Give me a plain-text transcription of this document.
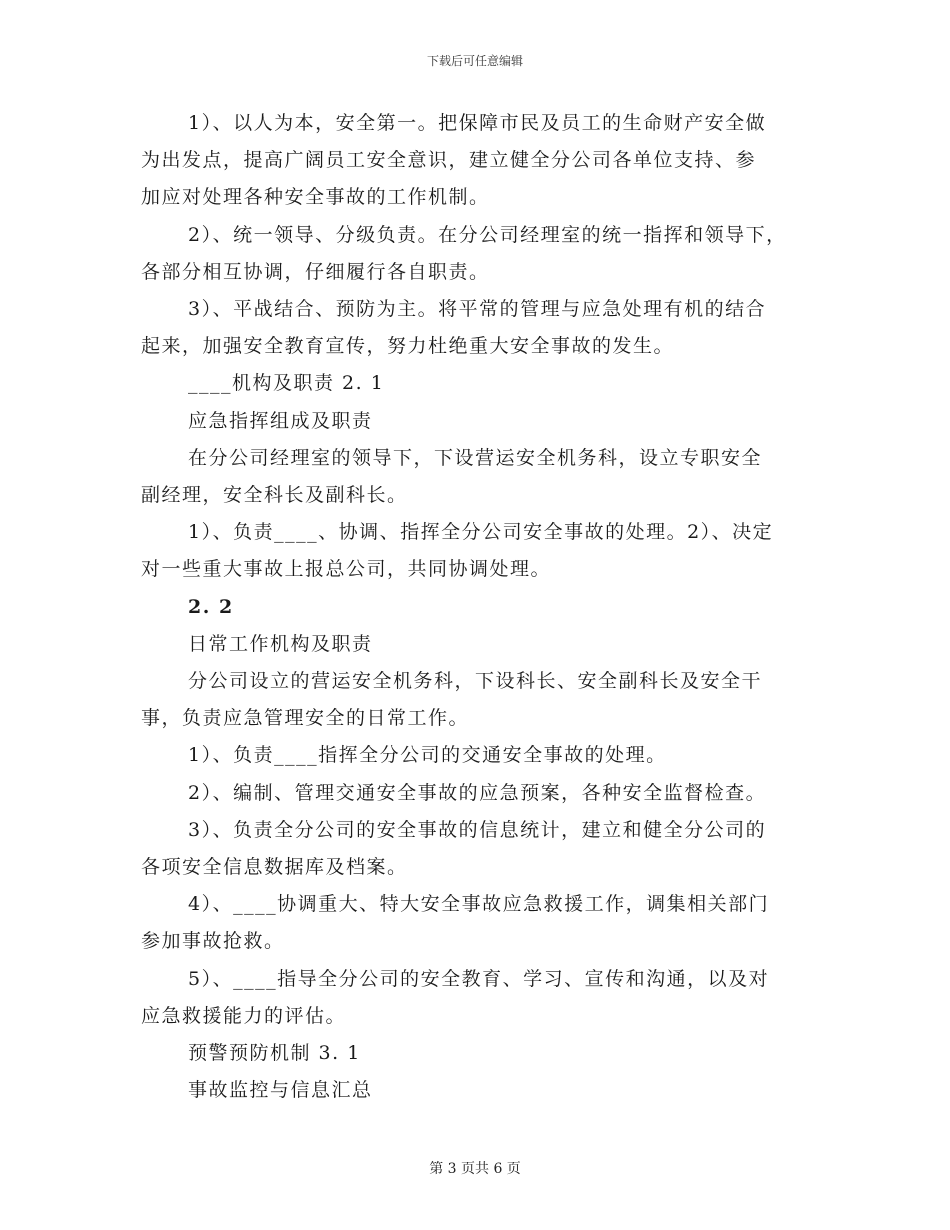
下载后可任意编辑
1）、以人为本，安全第一。把保障市民及员工的生命财产安全做
为出发点，提高广阔员工安全意识，建立健全分公司各单位支持、参
加应对处理各种安全事故的工作机制。
2）、统一领导、分级负责。在分公司经理室的统一指挥和领导下，
各部分相互协调，仔细履行各自职责。
3）、平战结合、预防为主。将平常的管理与应急处理有机的结合
起来，加强安全教育宣传，努力杜绝重大安全事故的发生。
____机构及职责 2. 1
应急指挥组成及职责
在分公司经理室的领导下，下设营运安全机务科，设立专职安全
副经理，安全科长及副科长。
1）、负责____、协调、指挥全分公司安全事故的处理。2）、决定
对一些重大事故上报总公司，共同协调处理。
2. 2
日常工作机构及职责
分公司设立的营运安全机务科，下设科长、安全副科长及安全干
事，负责应急管理安全的日常工作。
1）、负责____指挥全分公司的交通安全事故的处理。
2）、编制、管理交通安全事故的应急预案，各种安全监督检查。
3）、负责全分公司的安全事故的信息统计，建立和健全分公司的
各项安全信息数据库及档案。
4）、____协调重大、特大安全事故应急救援工作，调集相关部门
参加事故抢救。
5）、____指导全分公司的安全教育、学习、宣传和沟通，以及对
应急救援能力的评估。
预警预防机制 3. 1
事故监控与信息汇总
第 3 页共 6 页
